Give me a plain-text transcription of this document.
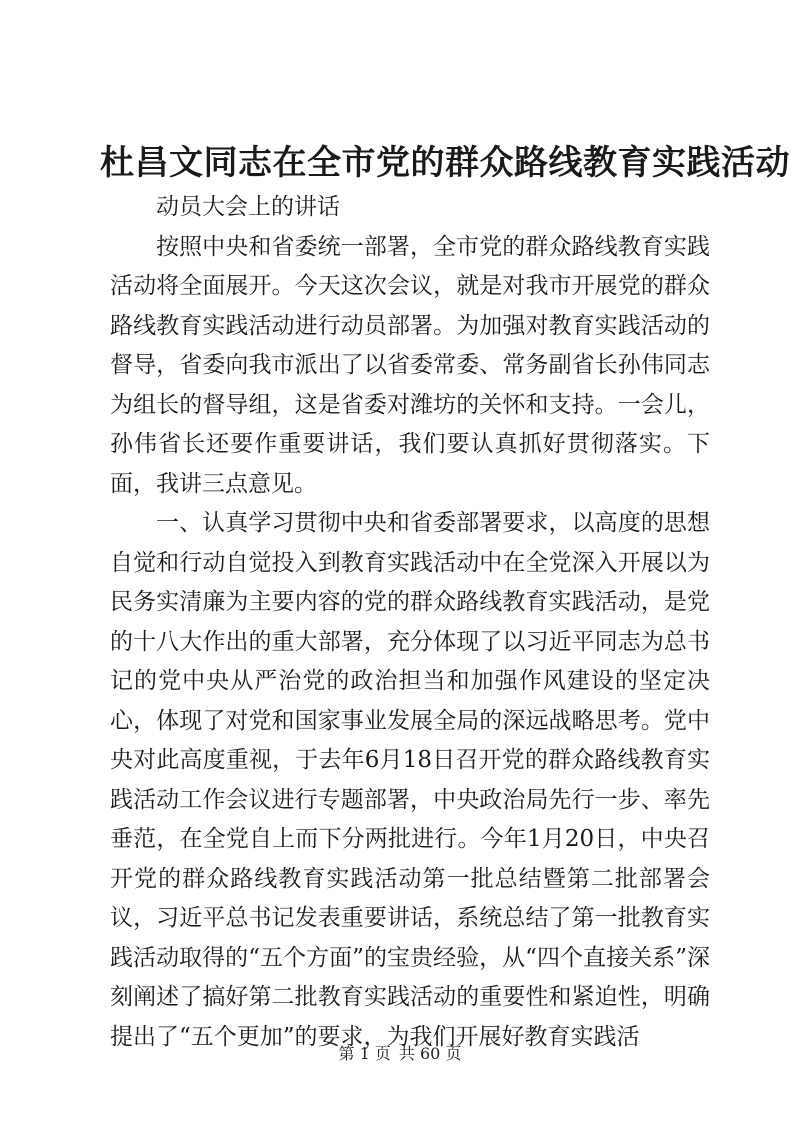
杜昌文同志在全市党的群众路线教育实践活动

动员大会上的讲话

按照中央和省委统一部署，全市党的群众路线教育实践活动将全面展开。今天这次会议，就是对我市开展党的群众路线教育实践活动进行动员部署。为加强对教育实践活动的督导，省委向我市派出了以省委常委、常务副省长孙伟同志为组长的督导组，这是省委对潍坊的关怀和支持。一会儿，孙伟省长还要作重要讲话，我们要认真抓好贯彻落实。下面，我讲三点意见。

一、认真学习贯彻中央和省委部署要求，以高度的思想自觉和行动自觉投入到教育实践活动中在全党深入开展以为民务实清廉为主要内容的党的群众路线教育实践活动，是党的十八大作出的重大部署，充分体现了以习近平同志为总书记的党中央从严治党的政治担当和加强作风建设的坚定决心，体现了对党和国家事业发展全局的深远战略思考。党中央对此高度重视，于去年6月18日召开党的群众路线教育实践活动工作会议进行专题部署，中央政治局先行一步、率先垂范，在全党自上而下分两批进行。今年1月20日，中央召开党的群众路线教育实践活动第一批总结暨第二批部署会议，习近平总书记发表重要讲话，系统总结了第一批教育实践活动取得的“五个方面”的宝贵经验，从“四个直接关系”深刻阐述了搞好第二批教育实践活动的重要性和紧迫性，明确提出了“五个更加”的要求，为我们开展好教育实践活

第 1 页 共 60 页
